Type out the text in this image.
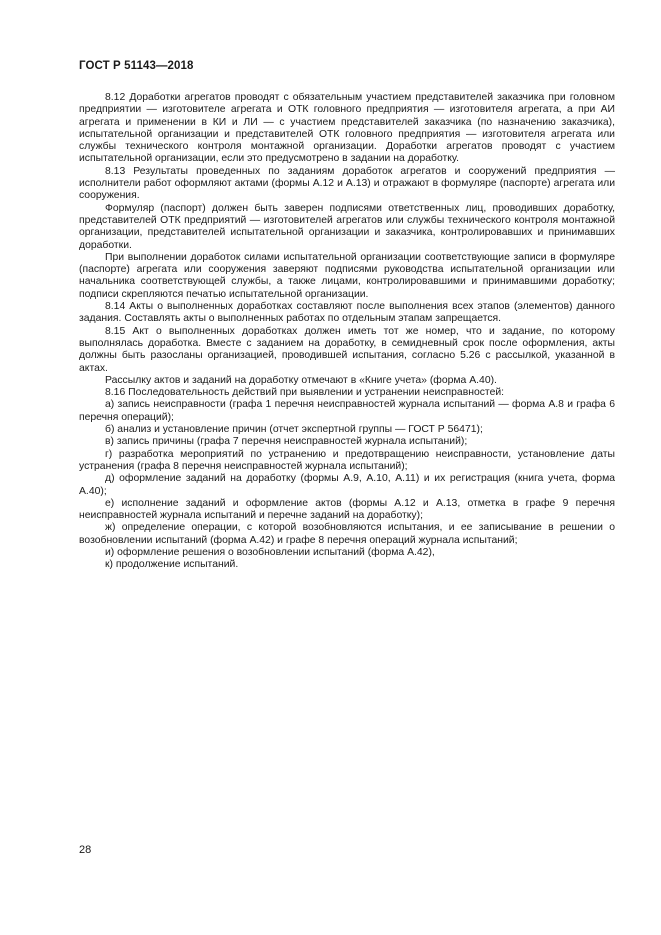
ГОСТ Р 51143—2018

8.12 Доработки агрегатов проводят с обязательным участием представителей заказчика при головном предприятии — изготовителе агрегата и ОТК головного предприятия — изготовителя агрегата, а при АИ агрегата и применении в КИ и ЛИ — с участием представителей заказчика (по назначению заказчика), испытательной организации и представителей ОТК головного предприятия — изготовителя агрегата или службы технического контроля монтажной организации. Доработки агрегатов проводят с участием испытательной организации, если это предусмотрено в задании на доработку.

8.13 Результаты проведенных по заданиям доработок агрегатов и сооружений предприятия — исполнители работ оформляют актами (формы А.12 и А.13) и отражают в формуляре (паспорте) агрегата или сооружения.

Формуляр (паспорт) должен быть заверен подписями ответственных лиц, проводивших доработку, представителей ОТК предприятий — изготовителей агрегатов или службы технического контроля монтажной организации, представителей испытательной организации и заказчика, контролировавших и принимавших доработки.

При выполнении доработок силами испытательной организации соответствующие записи в формуляре (паспорте) агрегата или сооружения заверяют подписями руководства испытательной организации или начальника соответствующей службы, а также лицами, контролировавшими и принимавшими доработку; подписи скрепляются печатью испытательной организации.

8.14 Акты о выполненных доработках составляют после выполнения всех этапов (элементов) данного задания. Составлять акты о выполненных работах по отдельным этапам запрещается.

8.15 Акт о выполненных доработках должен иметь тот же номер, что и задание, по которому выполнялась доработка. Вместе с заданием на доработку, в семидневный срок после оформления, акты должны быть разосланы организацией, проводившей испытания, согласно 5.26 с рассылкой, указанной в актах.

Рассылку актов и заданий на доработку отмечают в «Книге учета» (форма А.40).

8.16 Последовательность действий при выявлении и устранении неисправностей:

а) запись неисправности (графа 1 перечня неисправностей журнала испытаний — форма А.8 и графа 6 перечня операций);

б) анализ и установление причин (отчет экспертной группы — ГОСТ Р 56471);

в) запись причины (графа 7 перечня неисправностей журнала испытаний);

г) разработка мероприятий по устранению и предотвращению неисправности, установление даты устранения (графа 8 перечня неисправностей журнала испытаний);

д) оформление заданий на доработку (формы А.9, А.10, А.11) и их регистрация (книга учета, форма А.40);

е) исполнение заданий и оформление актов (формы А.12 и А.13, отметка в графе 9 перечня неисправностей журнала испытаний и перечне заданий на доработку);

ж) определение операции, с которой возобновляются испытания, и ее записывание в решении о возобновлении испытаний (форма А.42) и графе 8 перечня операций журнала испытаний;

и) оформление решения о возобновлении испытаний (форма А.42),

к) продолжение испытаний.

28
